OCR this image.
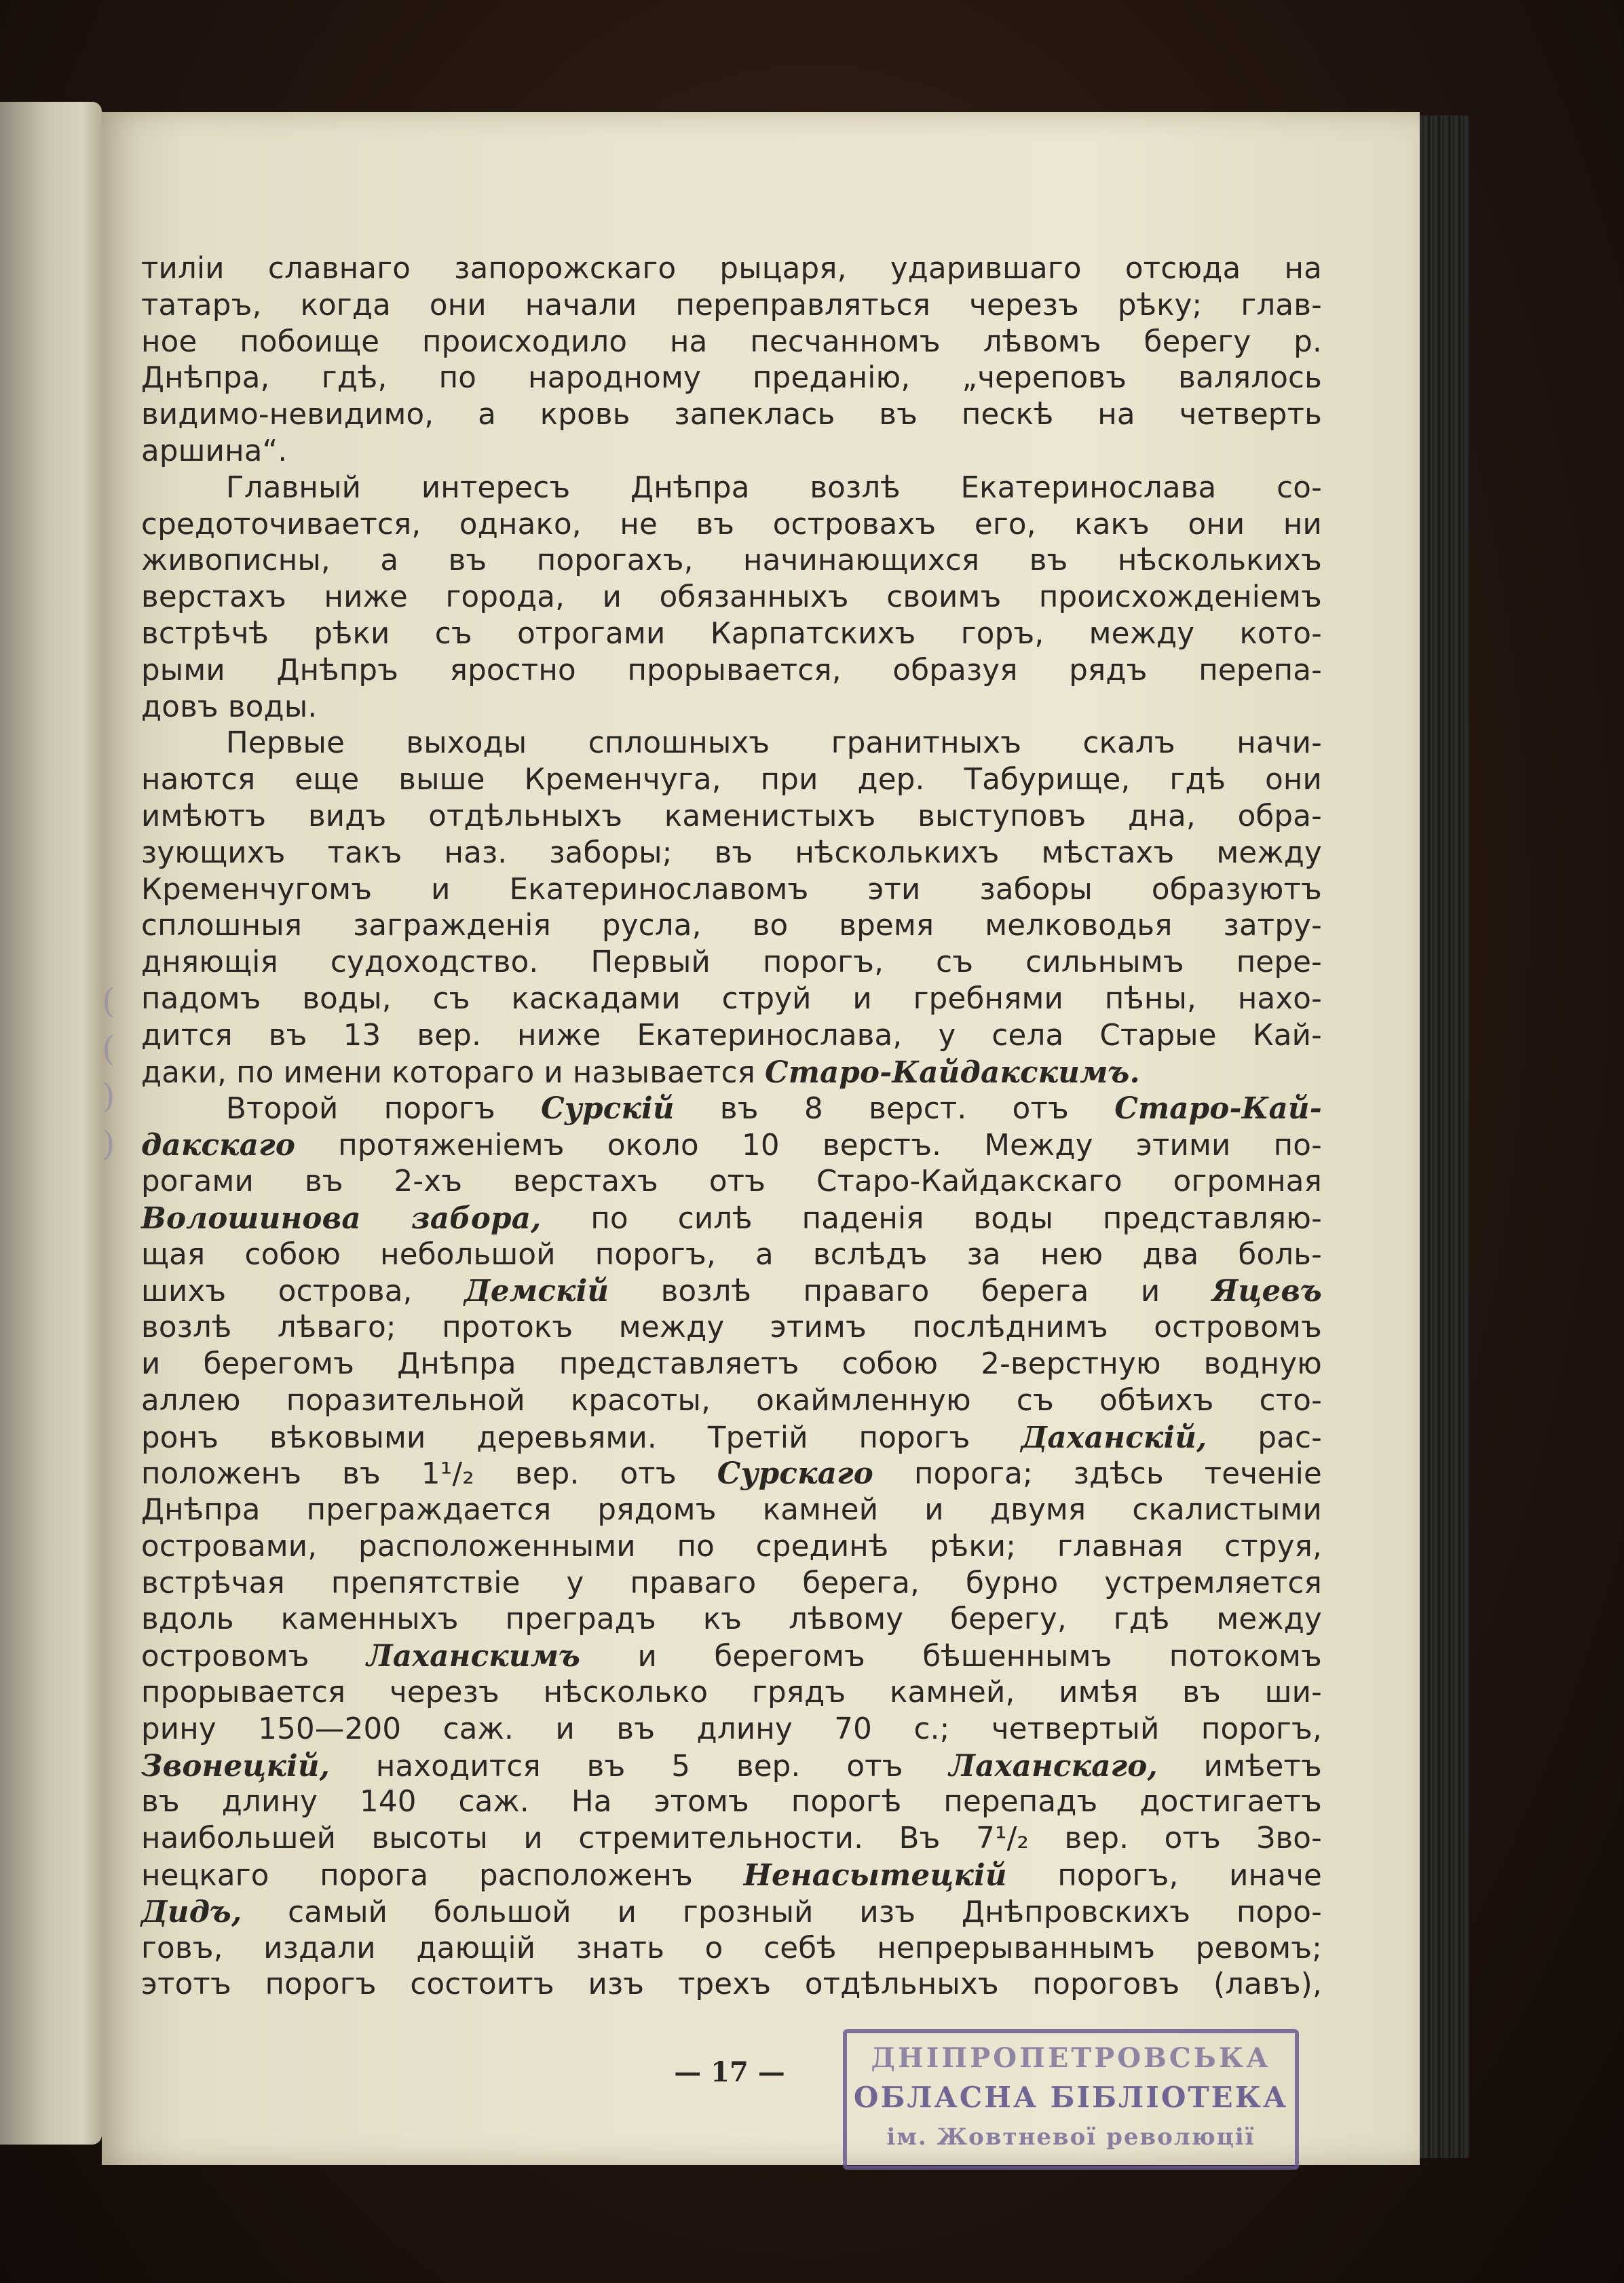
(
(
)
)
тиліи славнаго запорожскаго рыцаря, ударившаго отсюда на
татаръ, когда они начали переправляться черезъ рѣку; глав-
ное побоище происходило на песчанномъ лѣвомъ берегу р.
Днѣпра, гдѣ, по народному преданію, „череповъ валялось
видимо-невидимо, а кровь запеклась въ пескѣ на четверть
аршина“.
Главный интересъ Днѣпра возлѣ Екатеринослава со-
средоточивается, однако, не въ островахъ его, какъ они ни
живописны, а въ порогахъ, начинающихся въ нѣсколькихъ
верстахъ ниже города, и обязанныхъ своимъ происхожденіемъ
встрѣчѣ рѣки съ отрогами Карпатскихъ горъ, между кото-
рыми Днѣпръ яростно прорывается, образуя рядъ перепа-
довъ воды.
Первые выходы сплошныхъ гранитныхъ скалъ начи-
наются еще выше Кременчуга, при дер. Табурище, гдѣ они
имѣютъ видъ отдѣльныхъ каменистыхъ выступовъ дна, обра-
зующихъ такъ наз. заборы; въ нѣсколькихъ мѣстахъ между
Кременчугомъ и Екатеринославомъ эти заборы образуютъ
сплошныя загражденія русла, во время мелководья затру-
дняющія судоходство. Первый порогъ, съ сильнымъ пере-
падомъ воды, съ каскадами струй и гребнями пѣны, нахо-
дится въ 13 вер. ниже Екатеринослава, у села Старые Кай-
даки, по имени котораго и называется Старо-Кайдакскимъ.
Второй порогъ Сурскій въ 8 верст. отъ Старо-Кай-
дакскаго протяженіемъ около 10 верстъ. Между этими по-
рогами въ 2-хъ верстахъ отъ Старо-Кайдакскаго огромная
Волошинова забора, по силѣ паденія воды представляю-
щая собою небольшой порогъ, а вслѣдъ за нею два боль-
шихъ острова, Демскій возлѣ праваго берега и Яцевъ
возлѣ лѣваго; протокъ между этимъ послѣднимъ островомъ
и берегомъ Днѣпра представляетъ собою 2-верстную водную
аллею поразительной красоты, окаймленную съ обѣихъ сто-
ронъ вѣковыми деревьями. Третій порогъ Даханскій, рас-
положенъ въ 1¹/₂ вер. отъ Сурскаго порога; здѣсь теченіе
Днѣпра преграждается рядомъ камней и двумя скалистыми
островами, расположенными по срединѣ рѣки; главная струя,
встрѣчая препятствіе у праваго берега, бурно устремляется
вдоль каменныхъ преградъ къ лѣвому берегу, гдѣ между
островомъ Лаханскимъ и берегомъ бѣшеннымъ потокомъ
прорывается черезъ нѣсколько грядъ камней, имѣя въ ши-
рину 150—200 саж. и въ длину 70 с.; четвертый порогъ,
Звонецкій, находится въ 5 вер. отъ Лаханскаго, имѣетъ
въ длину 140 саж. На этомъ порогѣ перепадъ достигаетъ
наибольшей высоты и стремительности. Въ 7¹/₂ вер. отъ Зво-
нецкаго порога расположенъ Ненасытецкій порогъ, иначе
Дидъ, самый большой и грозный изъ Днѣпровскихъ поро-
говъ, издали дающій знать о себѣ непрерываннымъ ревомъ;
этотъ порогъ состоитъ изъ трехъ отдѣльныхъ пороговъ (лавъ),
— 17 —	ДНІПРОПЕТРОВСЬКА
ОБЛАСНА БІБЛІОТЕКА
ім. Жовтневої революції
